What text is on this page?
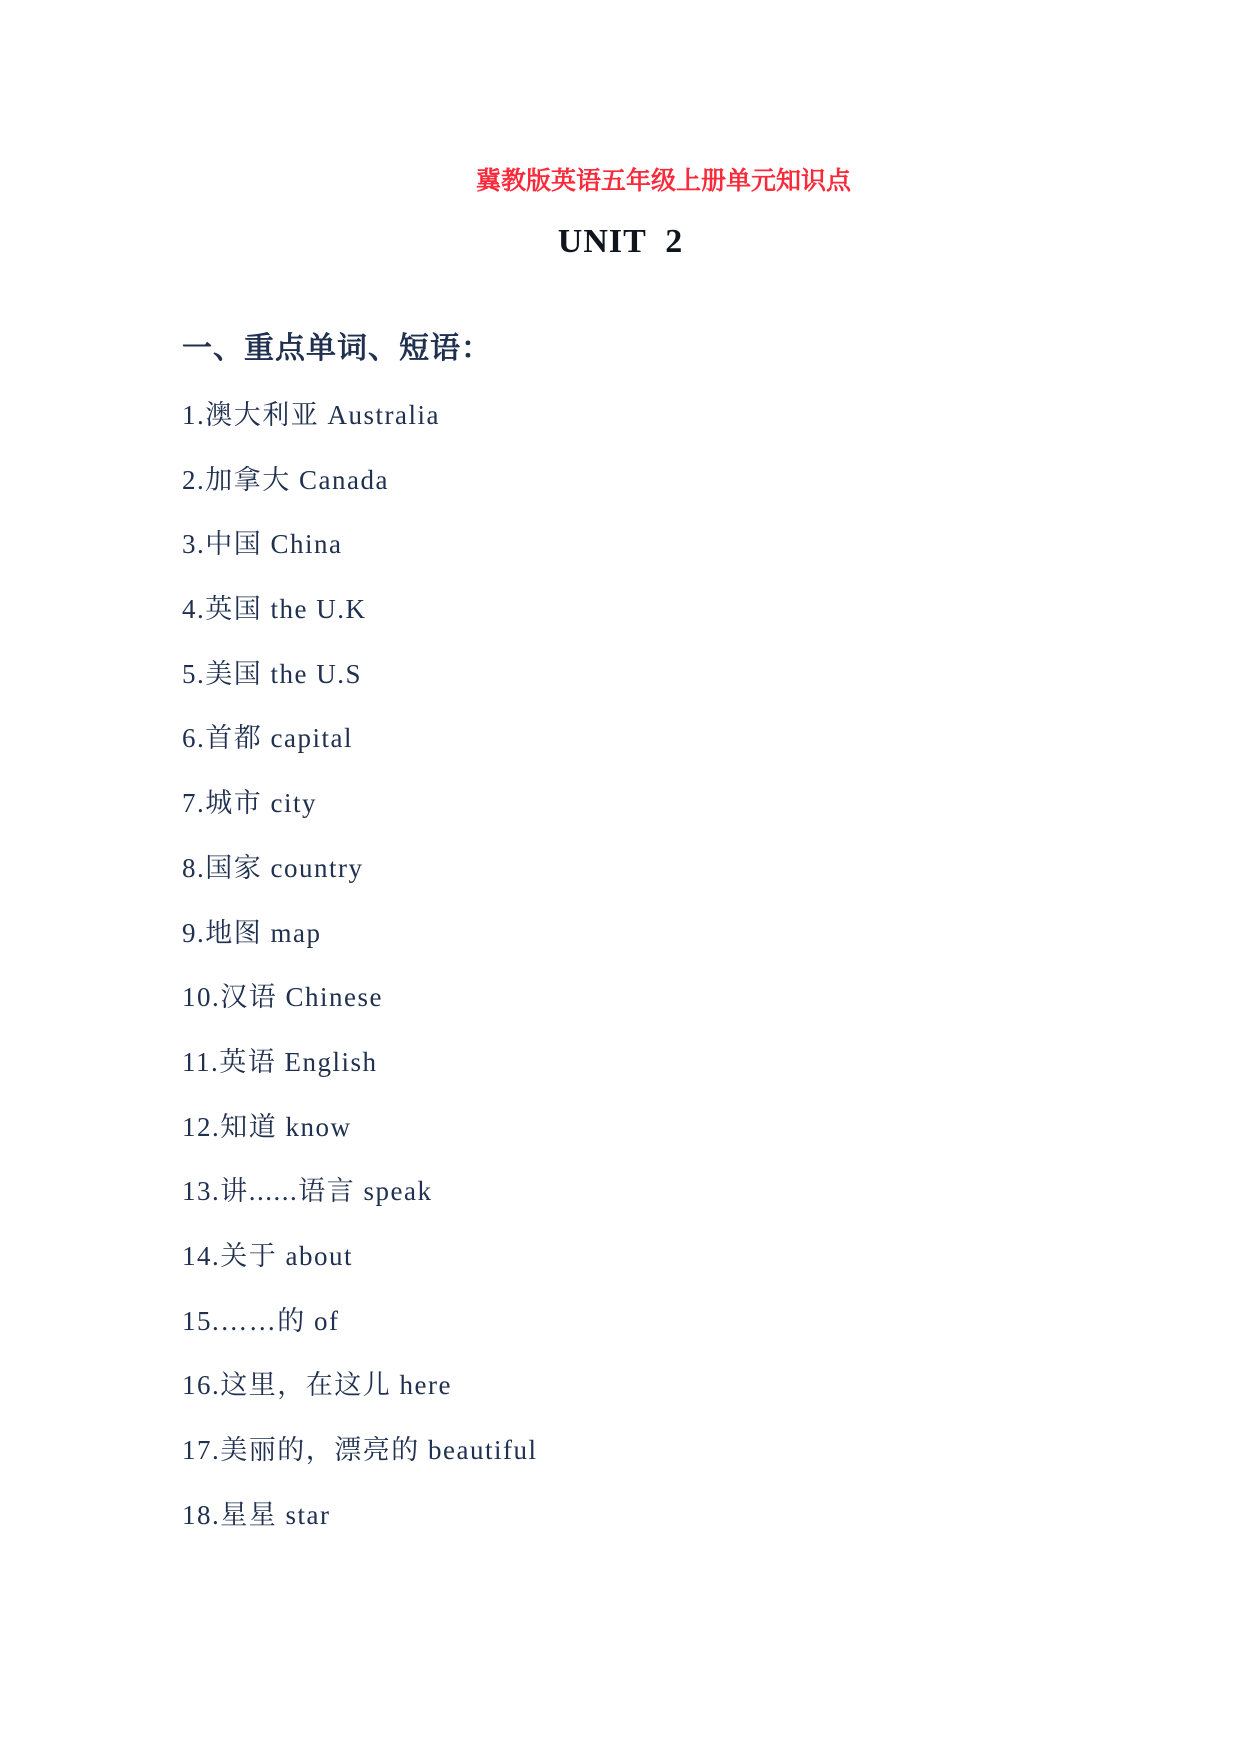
冀教版英语五年级上册单元知识点
UNIT  2
一、重点单词、短语：
1.澳大利亚 Australia
2.加拿大 Canada
3.中国 China
4.英国 the U.K
5.美国 the U.S
6.首都 capital
7.城市 city
8.国家 country
9.地图 map
10.汉语 Chinese
11.英语 English
12.知道 know
13.讲......语言 speak
14.关于 about
15.……的 of
16.这里，在这儿 here
17.美丽的，漂亮的 beautiful
18.星星 star
